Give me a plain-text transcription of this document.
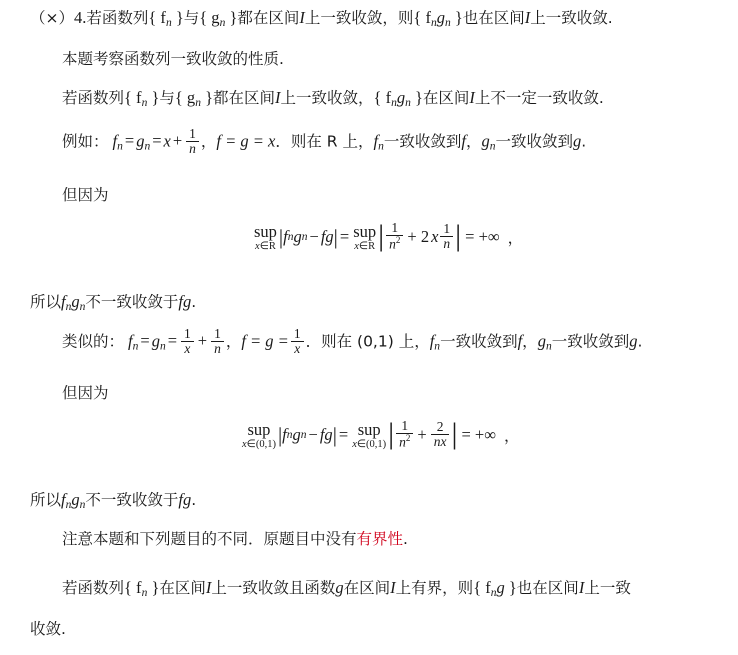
（×）4.若函数列{ $f_n$ }与{ $g_n$ }都在区间I上一致收敛，则{ $f_ng_n$ }也在区间I上一致收敛.
本题考察函数列一致收敛的性质.
若函数列{ $f_n$ }与{ $g_n$ }都在区间I上一致收敛，{ $f_ng_n$ }在区间I上不一定一致收敛.
例如： $f_n = g_n = x + \frac{1}{n}$ ，f = g = x．则在 R 上，$f_n$一致收敛到f，$g_n$一致收敛到g.
但因为
sup
x∈R | f n g n − fg | = sup
x∈R | $\frac{1}{n^2} + 2$ x $\frac{1}{n}$ | = +∞ ，
所以$f_ng_n$不一致收敛于fg.
类似的： $f_n = g_n = \frac{1}{x} + \frac{1}{n}$ ，$f = g = \frac{1}{x}$ ．则在 (0,1) 上，$f_n$一致收敛到f，$g_n$一致收敛到g.
但因为
sup
x∈(0,1) | f n g n − fg | = sup
x∈(0,1) | $\frac{1}{n^2} + \frac{2}{nx}$ | = +∞ ，
所以$f_ng_n$不一致收敛于fg.
注意本题和下列题目的不同．原题目中没有有界性.
若函数列{ $f_n$ }在区间I上一致收敛且函数g在区间I上有界，则{ $f_ng$ }也在区间I上一致
收敛.
